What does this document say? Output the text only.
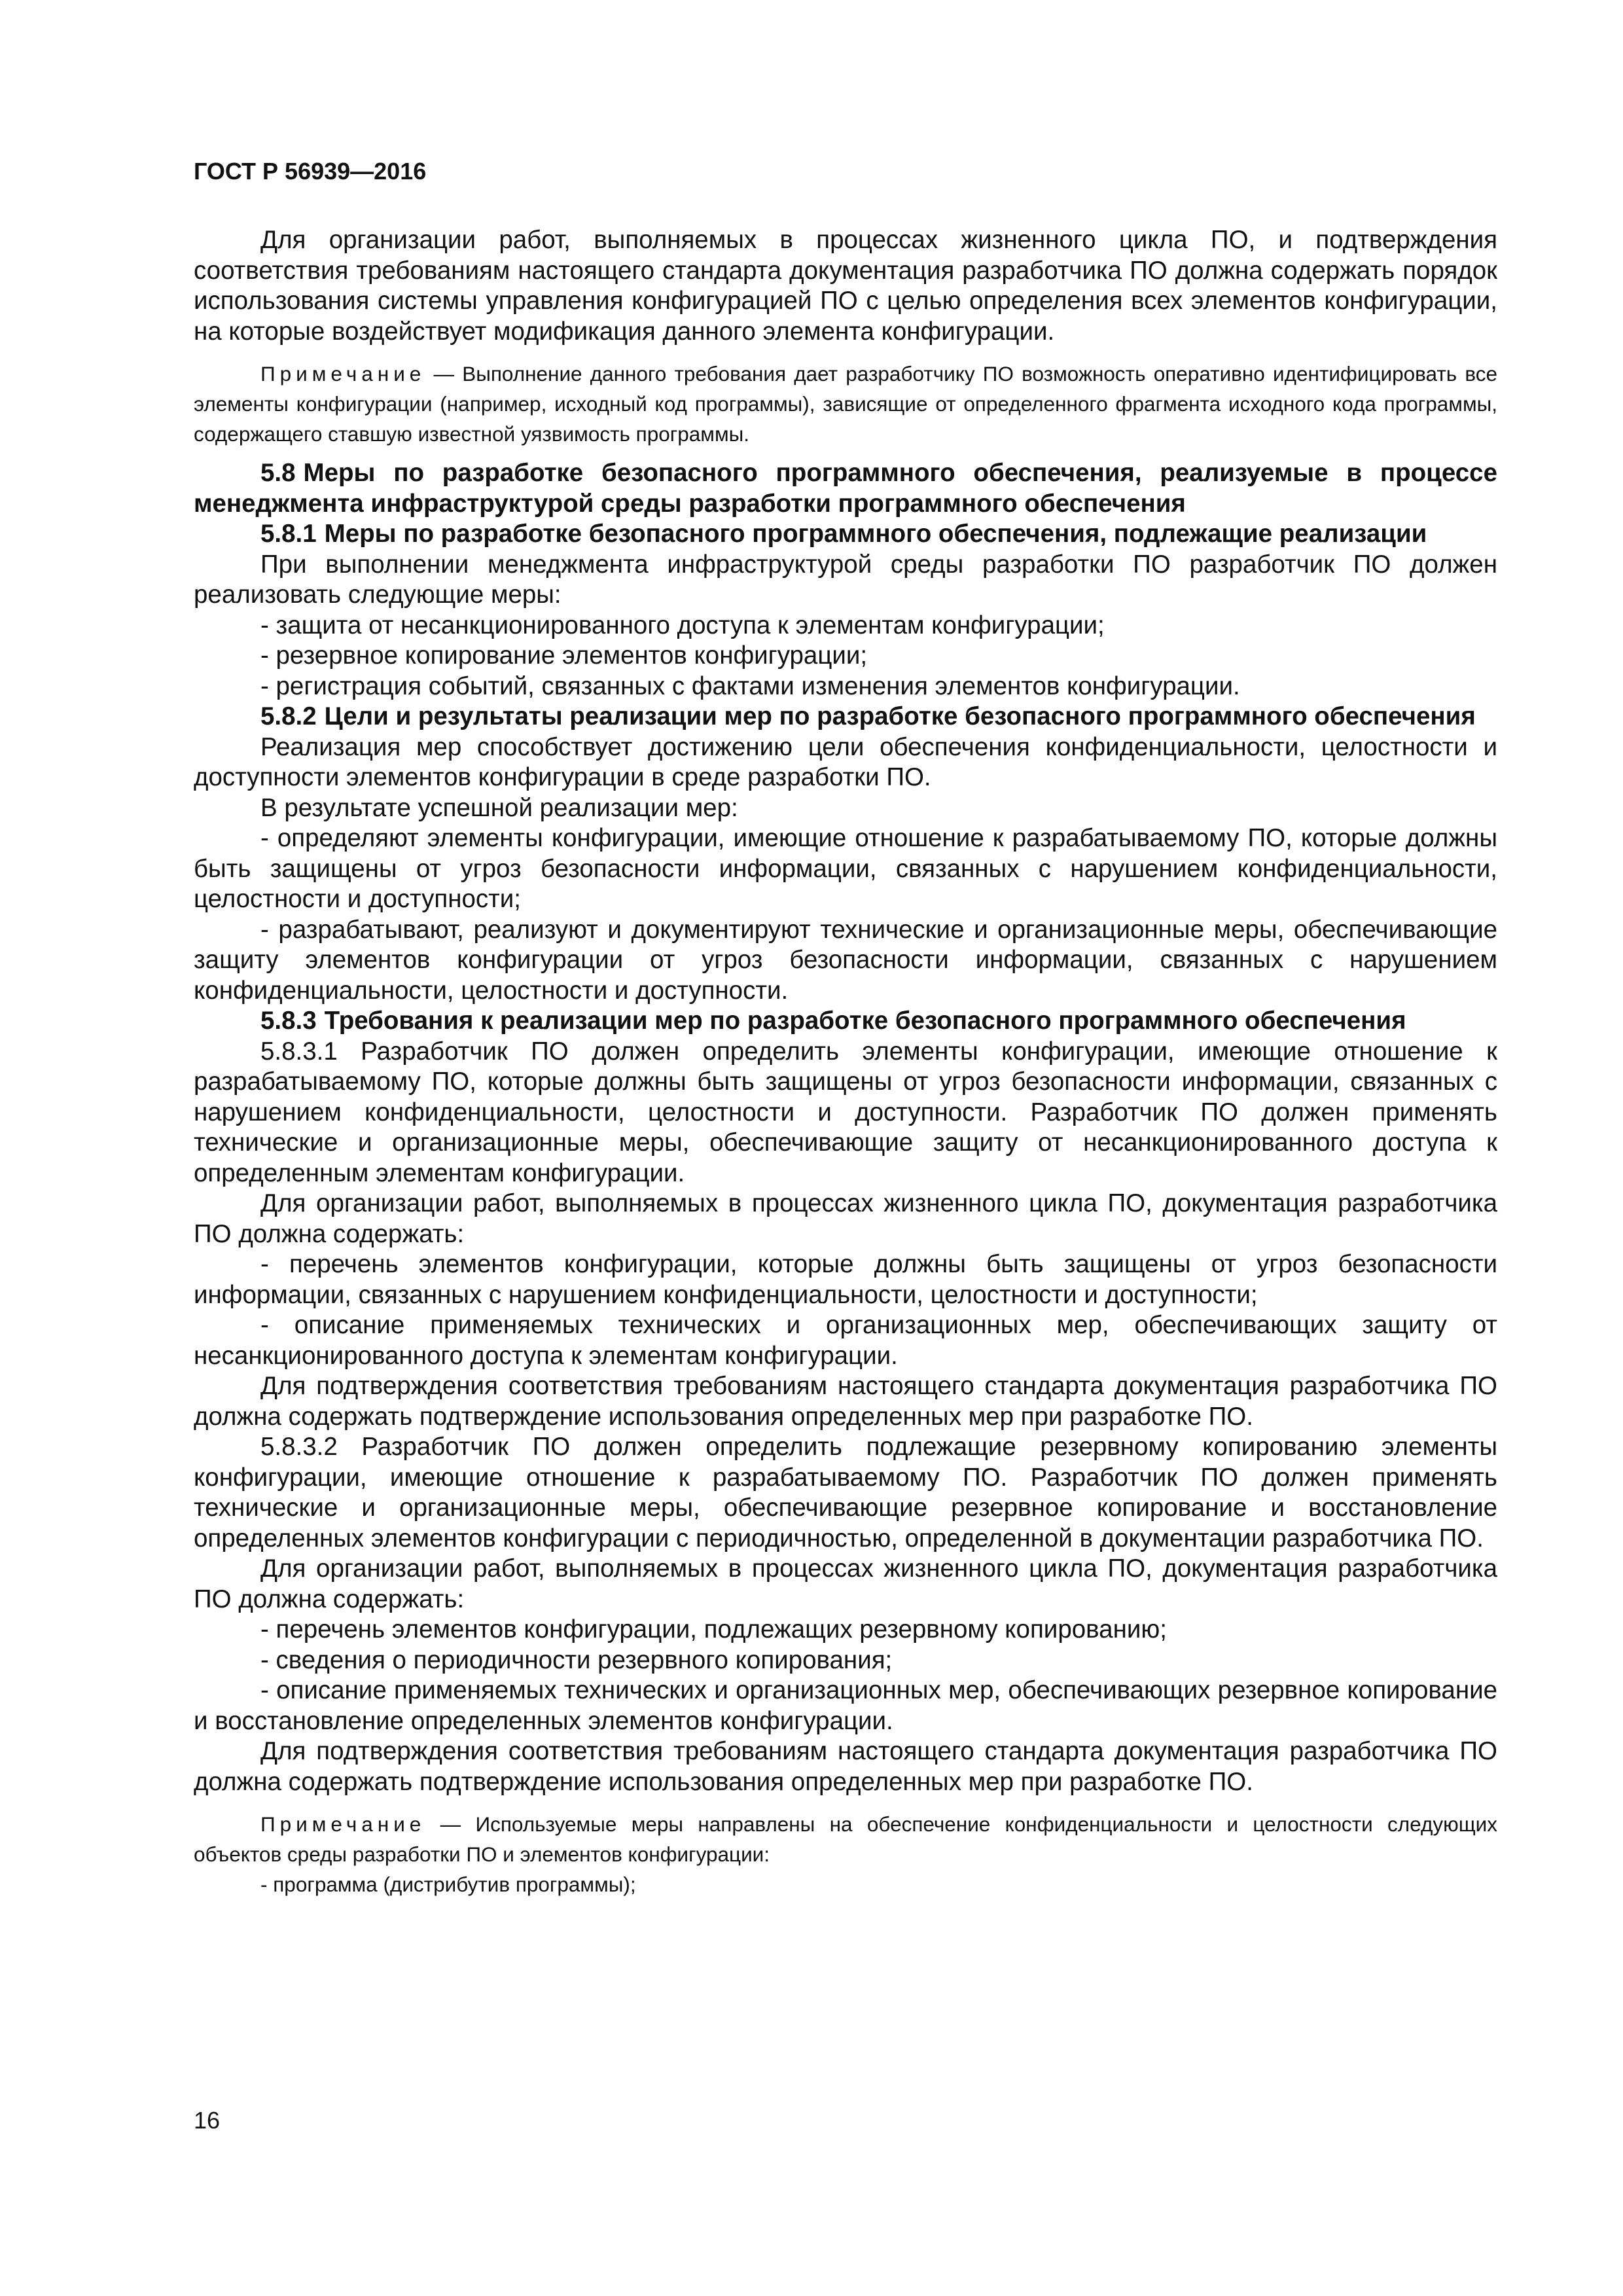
ГОСТ Р 56939—2016

Для организации работ, выполняемых в процессах жизненного цикла ПО, и подтверждения соответствия требованиям настоящего стандарта документация разработчика ПО должна содержать порядок использования системы управления конфигурацией ПО с целью определения всех элементов конфигурации, на которые воздействует модификация данного элемента конфигурации.

Примечание — Выполнение данного требования дает разработчику ПО возможность оперативно идентифицировать все элементы конфигурации (например, исходный код программы), зависящие от определенного фрагмента исходного кода программы, содержащего ставшую известной уязвимость программы.

5.8 Меры по разработке безопасного программного обеспечения, реализуемые в процессе менеджмента инфраструктурой среды разработки программного обеспечения

5.8.1 Меры по разработке безопасного программного обеспечения, подлежащие реализации

При выполнении менеджмента инфраструктурой среды разработки ПО разработчик ПО должен реализовать следующие меры:

- защита от несанкционированного доступа к элементам конфигурации;

- резервное копирование элементов конфигурации;

- регистрация событий, связанных с фактами изменения элементов конфигурации.

5.8.2 Цели и результаты реализации мер по разработке безопасного программного обеспечения

Реализация мер способствует достижению цели обеспечения конфиденциальности, целостности и доступности элементов конфигурации в среде разработки ПО.

В результате успешной реализации мер:

- определяют элементы конфигурации, имеющие отношение к разрабатываемому ПО, которые должны быть защищены от угроз безопасности информации, связанных с нарушением конфиденциальности, целостности и доступности;

- разрабатывают, реализуют и документируют технические и организационные меры, обеспечивающие защиту элементов конфигурации от угроз безопасности информации, связанных с нарушением конфиденциальности, целостности и доступности.

5.8.3 Требования к реализации мер по разработке безопасного программного обеспечения

5.8.3.1 Разработчик ПО должен определить элементы конфигурации, имеющие отношение к разрабатываемому ПО, которые должны быть защищены от угроз безопасности информации, связанных с нарушением конфиденциальности, целостности и доступности. Разработчик ПО должен применять технические и организационные меры, обеспечивающие защиту от несанкционированного доступа к определенным элементам конфигурации.

Для организации работ, выполняемых в процессах жизненного цикла ПО, документация разработчика ПО должна содержать:

- перечень элементов конфигурации, которые должны быть защищены от угроз безопасности информации, связанных с нарушением конфиденциальности, целостности и доступности;

- описание применяемых технических и организационных мер, обеспечивающих защиту от несанкционированного доступа к элементам конфигурации.

Для подтверждения соответствия требованиям настоящего стандарта документация разработчика ПО должна содержать подтверждение использования определенных мер при разработке ПО.

5.8.3.2 Разработчик ПО должен определить подлежащие резервному копированию элементы конфигурации, имеющие отношение к разрабатываемому ПО. Разработчик ПО должен применять технические и организационные меры, обеспечивающие резервное копирование и восстановление определенных элементов конфигурации с периодичностью, определенной в документации разработчика ПО.

Для организации работ, выполняемых в процессах жизненного цикла ПО, документация разработчика ПО должна содержать:

- перечень элементов конфигурации, подлежащих резервному копированию;

- сведения о периодичности резервного копирования;

- описание применяемых технических и организационных мер, обеспечивающих резервное копирование и восстановление определенных элементов конфигурации.

Для подтверждения соответствия требованиям настоящего стандарта документация разработчика ПО должна содержать подтверждение использования определенных мер при разработке ПО.

Примечание — Используемые меры направлены на обеспечение конфиденциальности и целостности следующих объектов среды разработки ПО и элементов конфигурации:

- программа (дистрибутив программы);

16
